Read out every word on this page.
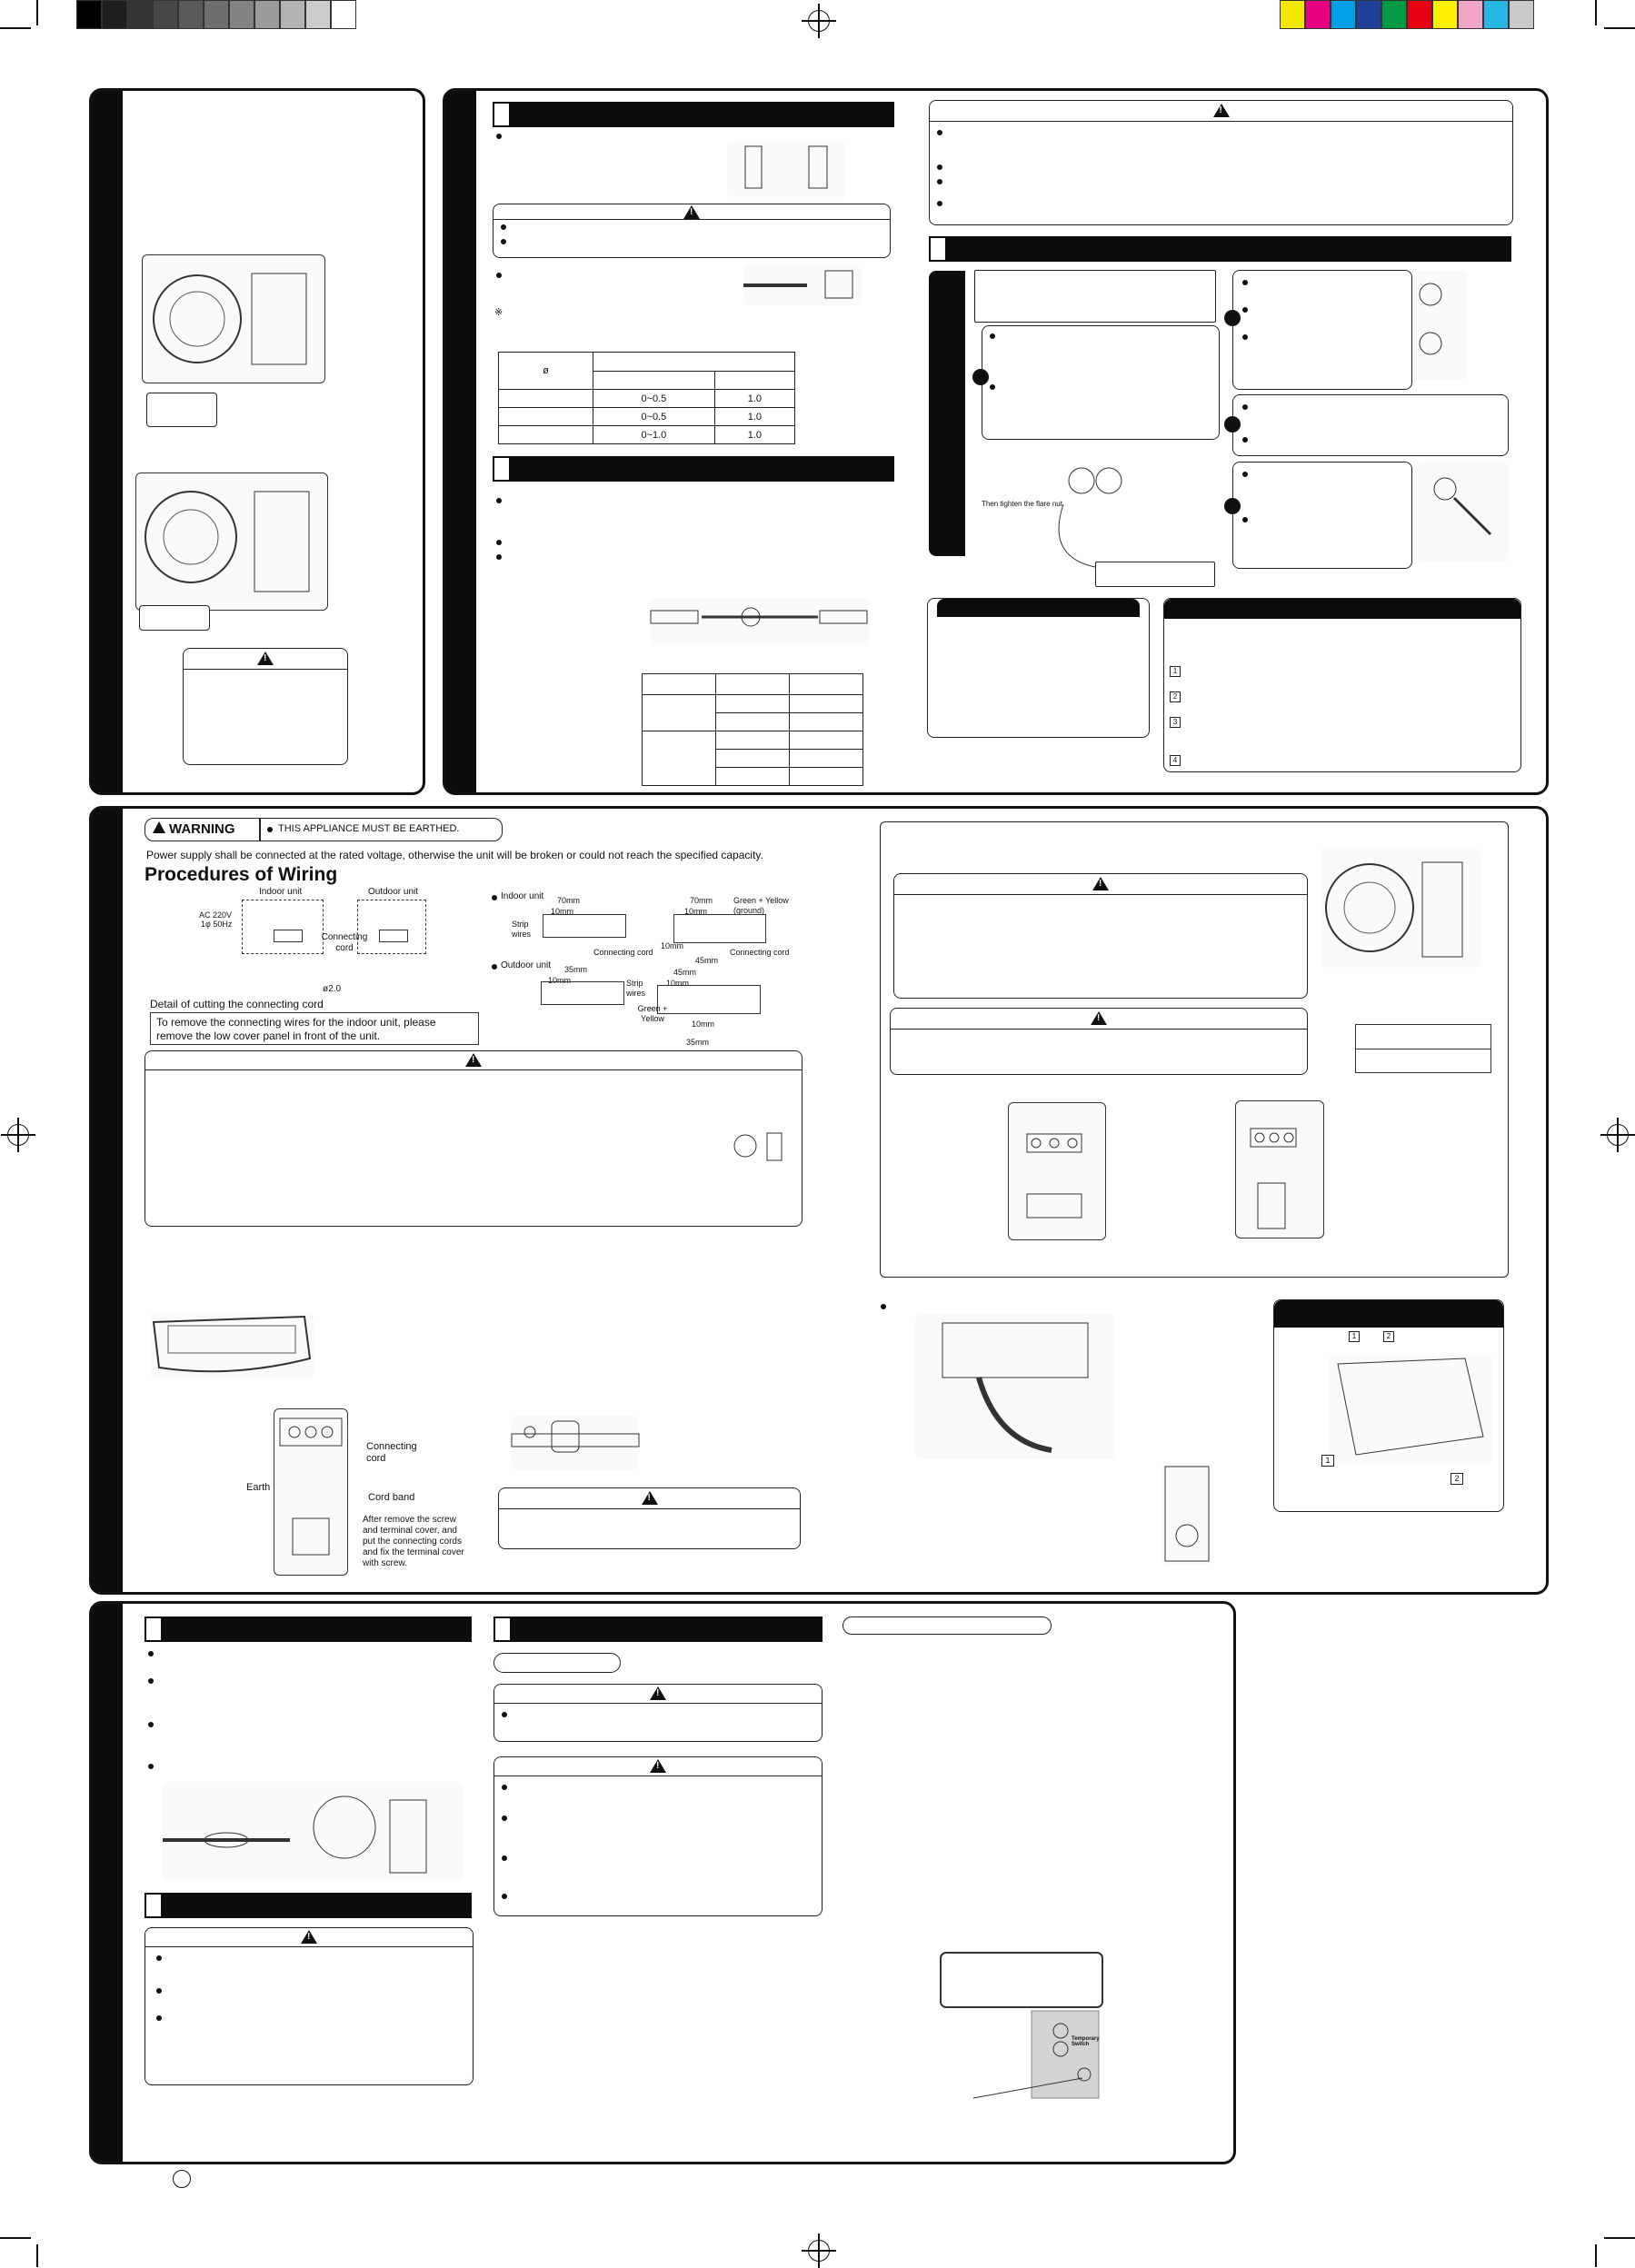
!
!
※
ø		

	0~0.5	1.0
	0~0.5	1.0
	0~1.0	1.0

!
Then tighten the flare nut
1
2
3
4
WARNING	THIS APPLIANCE MUST BE EARTHED.
Power supply shall be connected at the rated voltage, otherwise the unit will be broken or could not reach the specified capacity.
Procedures of Wiring
Indoor unit	Outdoor unit
AC 220V
1φ 50Hz
Connecting cord
ø2.0
Detail of cutting the connecting cord
To remove the connecting wires for the indoor unit, please
remove the low cover panel in front of the unit.
Indoor unit 70mm
10mm
Strip wires
Connecting cord
70mm
10mm
Green + Yellow (ground)
10mm
45mm
Connecting cord
Outdoor unit 35mm
10mm
45mm
10mm
Strip wires
Green + Yellow
10mm
35mm
!
!
!
Connecting cord
Earth
Cord band
After remove the screw
and terminal cover, and
put the connecting cords
and fix the terminal cover
with screw.
!
1	2
1
2
!
!
!
Temporary Switch
